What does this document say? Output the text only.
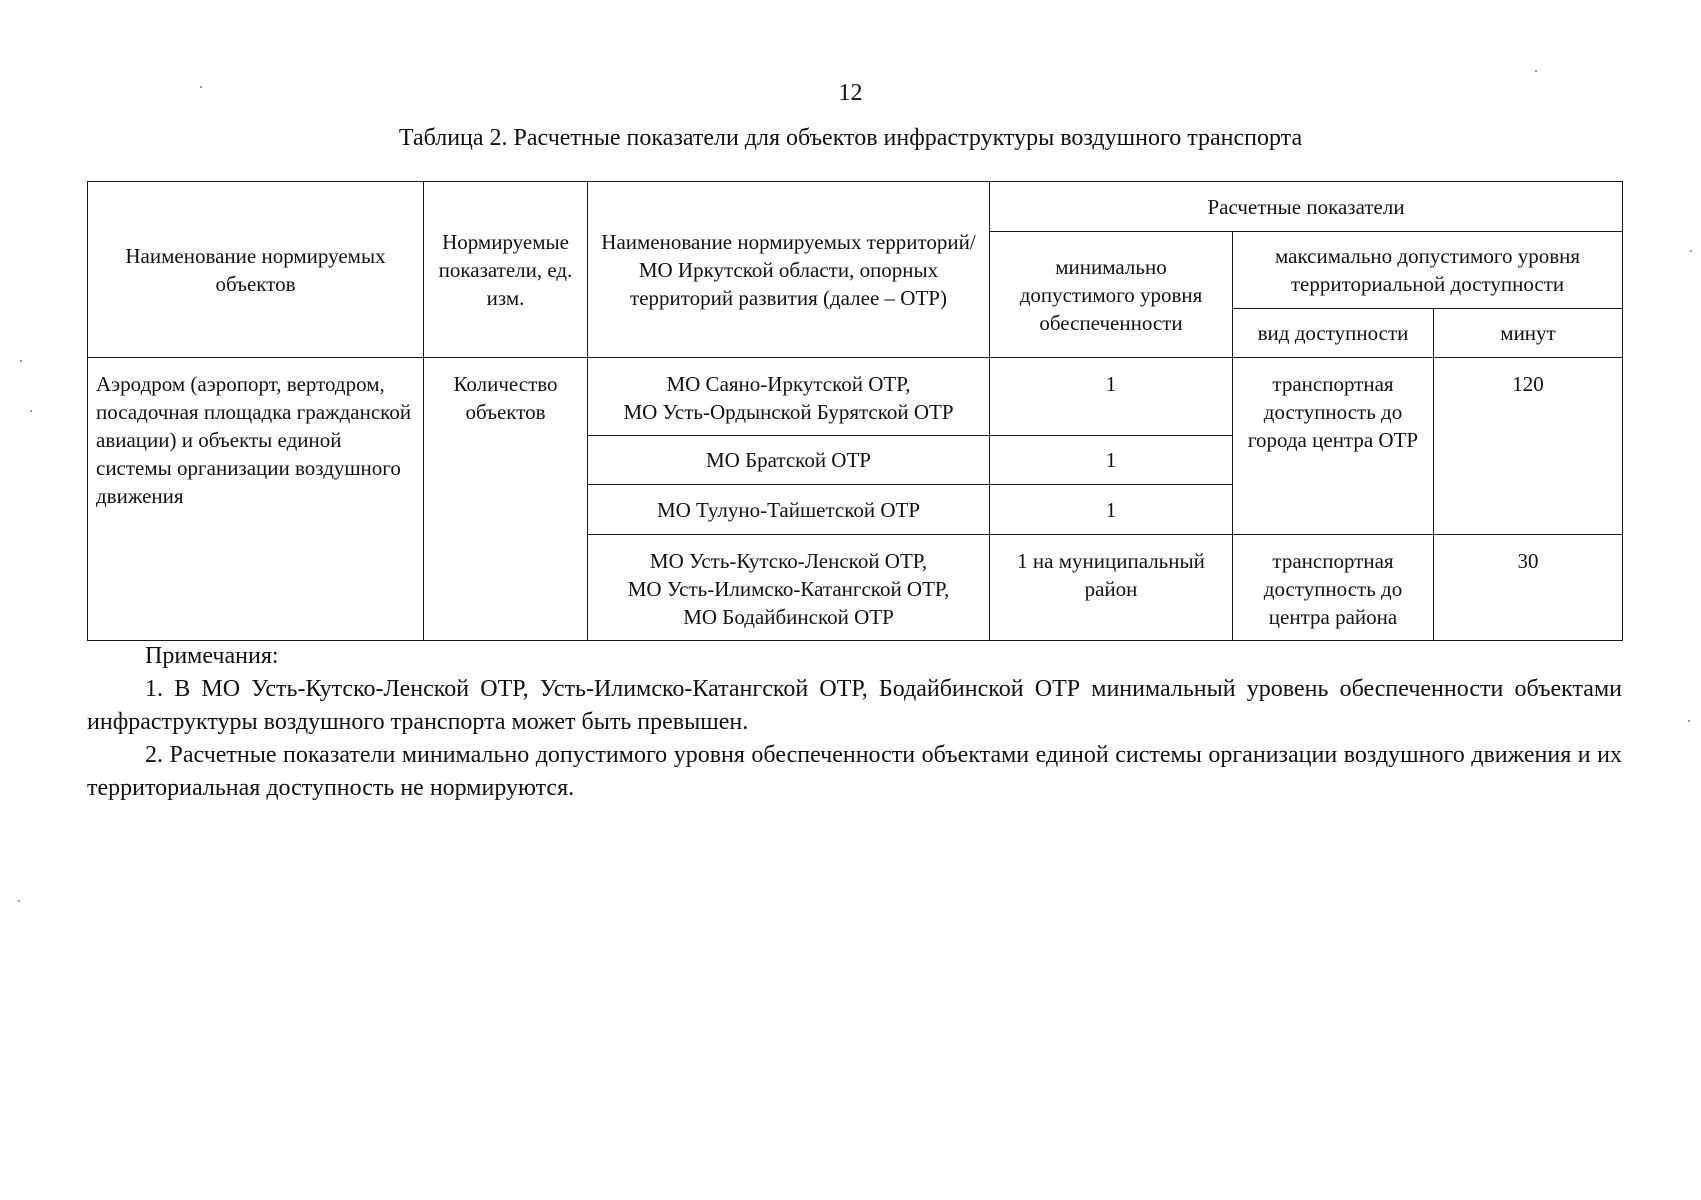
12
Таблица 2. Расчетные показатели для объектов инфраструктуры воздушного транспорта
Наименование нормируемых объектов	Нормируемые показатели, ед. изм.	Наименование нормируемых территорий/ МО Иркутской области, опорных территорий развития (далее – ОТР)	Расчетные показатели		
			минимально допустимого уровня обеспеченности	максимально допустимого уровня территориальной доступности	
				вид доступности	минут
Аэродром (аэропорт, вертодром, посадочная площадка гражданской авиации) и объекты единой системы организации воздушного движения	Количество объектов	МО Саяно-Иркутской ОТР,
МО Усть-Ордынской Бурятской ОТР	1	транспортная доступность до города центра ОТР	120
		МО Братской ОТР	1		
		МО Тулуно-Тайшетской ОТР	1		

		МО Усть-Кутско-Ленской ОТР,
МО Усть-Илимско-Катангской ОТР,
МО Бодайбинской ОТР	1 на муниципальный район	транспортная доступность до центра района	30

Примечания:

1. В МО Усть-Кутско-Ленской ОТР, Усть-Илимско-Катангской ОТР, Бодайбинской ОТР минимальный уровень обеспеченности объектами инфраструктуры воздушного транспорта может быть превышен.

2. Расчетные показатели минимально допустимого уровня обеспеченности объектами единой системы организации воздушного движения и их территориальная доступность не нормируются.
